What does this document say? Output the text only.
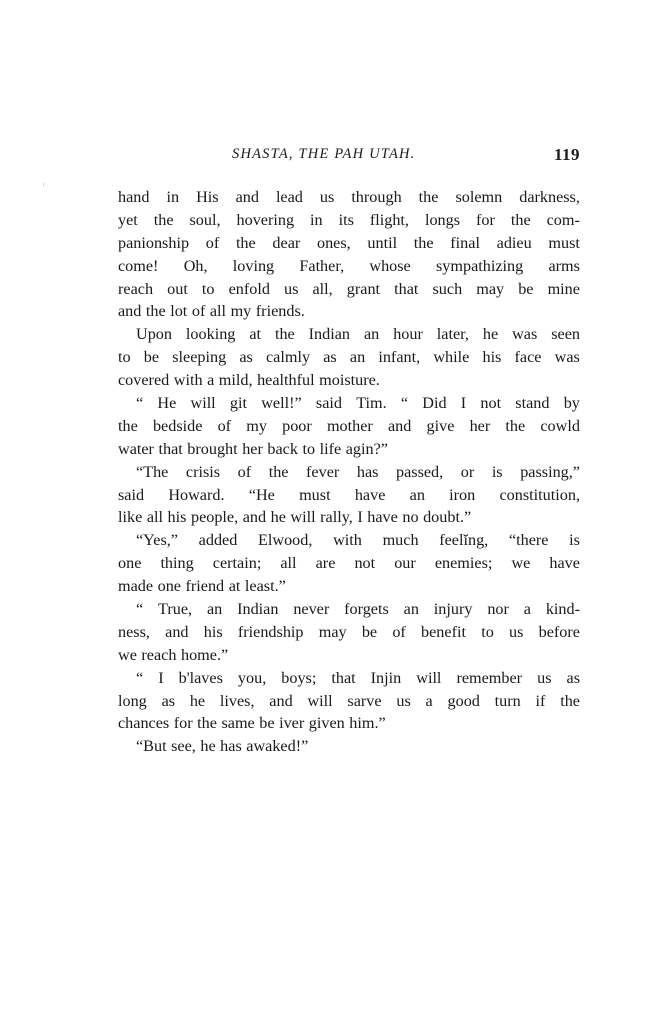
SHASTA, THE PAH UTAH.	119
hand in His and lead us through the solemn darkness,
yet the soul, hovering in its flight, longs for the com-
panionship of the dear ones, until the final adieu must
come! Oh, loving Father, whose sympathizing arms
reach out to enfold us all, grant that such may be mine
and the lot of all my friends.
Upon looking at the Indian an hour later, he was seen
to be sleeping as calmly as an infant, while his face was
covered with a mild, healthful moisture.
“ He will git well!” said Tim. “ Did I not stand by
the bedside of my poor mother and give her the cowld
water that brought her back to life agin?”
“The crisis of the fever has passed, or is passing,”
said Howard. “He must have an iron constitution,
like all his people, and he will rally, I have no doubt.”
“Yes,” added Elwood, with much feelĭng, “there is
one thing certain; all are not our enemies; we have
made one friend at least.”
“ True, an Indian never forgets an injury nor a kind-
ness, and his friendship may be of benefit to us before
we reach home.”
“ I b'laves you, boys; that Injin will remember us as
long as he lives, and will sarve us a good turn if the
chances for the same be iver given him.”
“But see, he has awaked!”
